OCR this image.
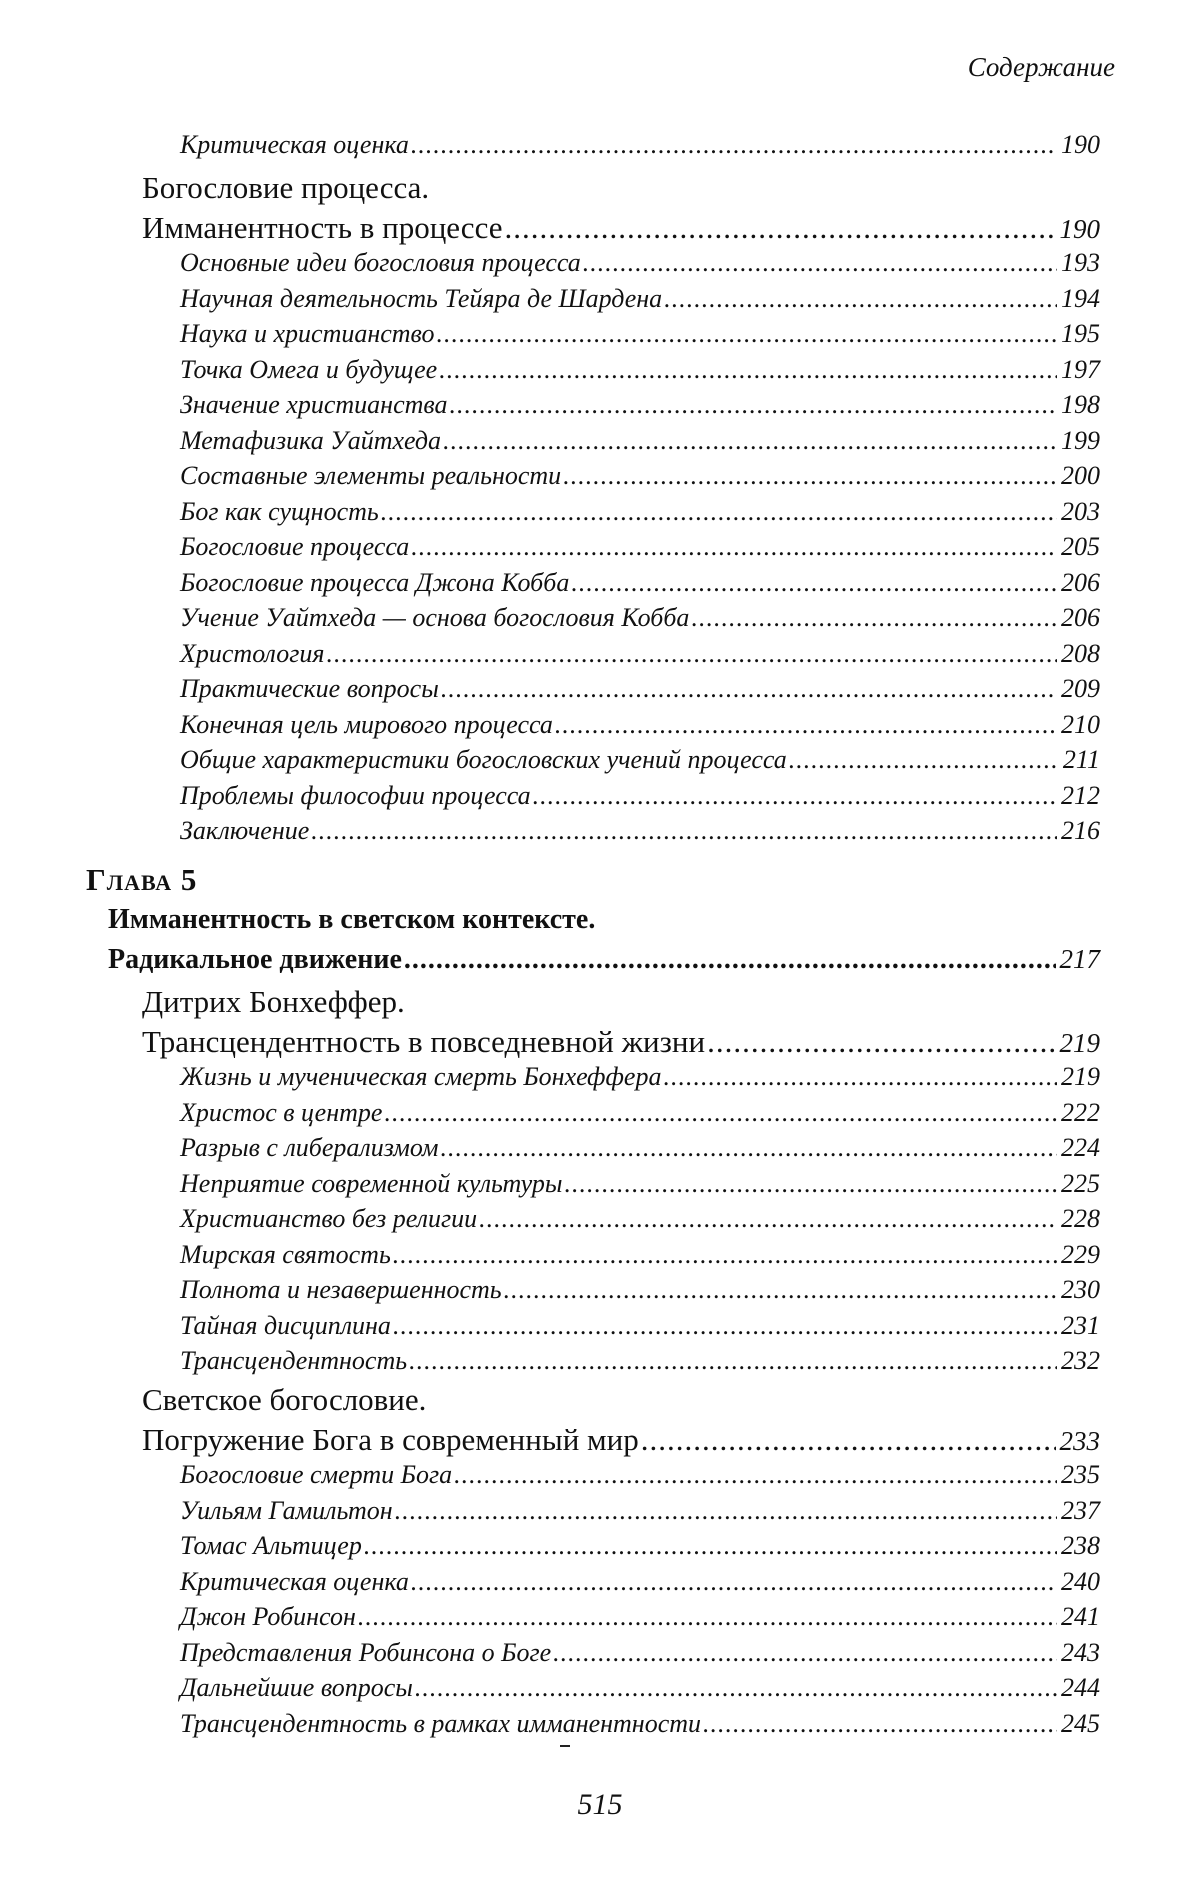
Содержание
Критическая оценка .....	190
Богословие процесса.
Имманентность в процессе .....	190
Основные идеи богословия процесса .....	193
Научная деятельность Тейяра де Шардена .....	194
Наука и христианство .....	195
Точка Омега и будущее .....	197
Значение христианства .....	198
Метафизика Уайтхеда .....	199
Составные элементы реальности .....	200
Бог как сущность .....	203
Богословие процесса .....	205
Богословие процесса Джона Кобба .....	206
Учение Уайтхеда — основа богословия Кобба .....	206
Христология .....	208
Практические вопросы .....	209
Конечная цель мирового процесса .....	210
Общие характеристики богословских учений процесса .....	211
Проблемы философии процесса .....	212
Заключение .....	216
Глава 5
Имманентность в светском контексте.
Радикальное движение .....	217
Дитрих Бонхеффер.
Трансцендентность в повседневной жизни .....	219
Жизнь и мученическая смерть Бонхеффера .....	219
Христос в центре .....	222
Разрыв с либерализмом .....	224
Неприятие современной культуры .....	225
Христианство без религии .....	228
Мирская святость .....	229
Полнота и незавершенность .....	230
Тайная дисциплина .....	231
Трансцендентность .....	232
Светское богословие.
Погружение Бога в современный мир .....	233
Богословие смерти Бога .....	235
Уильям Гамильтон .....	237
Томас Альтицер .....	238
Критическая оценка .....	240
Джон Робинсон .....	241
Представления Робинсона о Боге .....	243
Дальнейшие вопросы .....	244
Трансцендентность в рамках имманентности .....	245
515
